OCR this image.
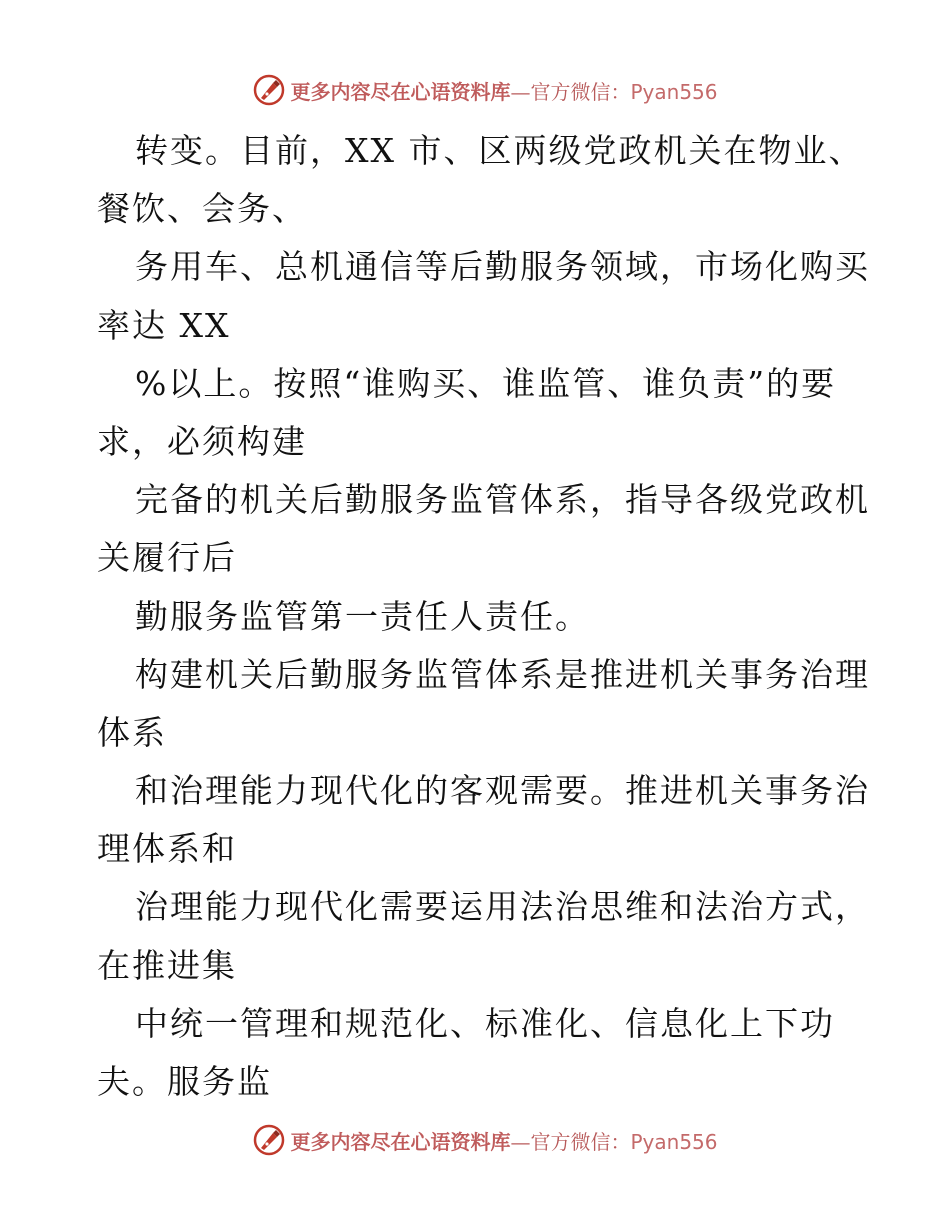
更多内容尽在心语资料库—官方微信：Pyan556
转变。目前，XX 市、区两级党政机关在物业、
餐饮、会务、
务用车、总机通信等后勤服务领域，市场化购买
率达 XX
%以上。按照“谁购买、谁监管、谁负责”的要
求，必须构建
完备的机关后勤服务监管体系，指导各级党政机
关履行后
勤服务监管第一责任人责任。
构建机关后勤服务监管体系是推进机关事务治理
体系
和治理能力现代化的客观需要。推进机关事务治
理体系和
治理能力现代化需要运用法治思维和法治方式，
在推进集
中统一管理和规范化、标准化、信息化上下功
夫。服务监
更多内容尽在心语资料库—官方微信：Pyan556
